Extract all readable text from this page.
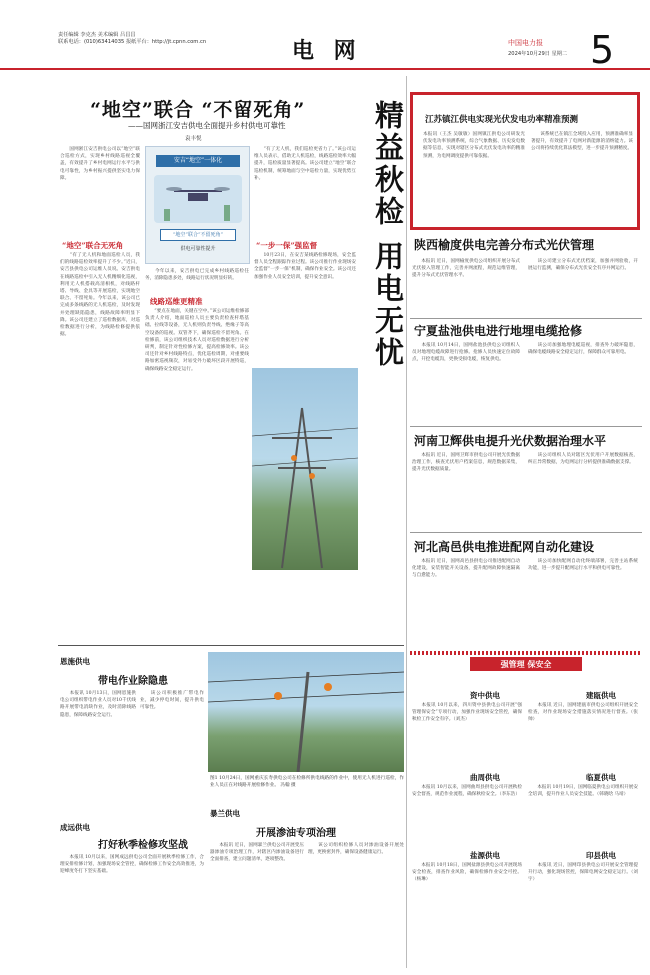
责任编辑 李克杰 美术编辑 吕昌昌
联系电话：(010)63414035 报纸平台：http://jt.cpnn.com.cn	电 网	中国电力报
2024年10月29日 星期二 5
“地空”联合 “不留死角”
——国网浙江安吉供电全面提升乡村供电可靠性
袁丰悦
　　国网浙江安吉供电公司以“地空”联合巡检方式，实现乡村线路巡视全覆盖，有效提升了乡村电网运行水平与供电可靠性，为乡村振兴提供坚实电力保障。
“地空”联合无死角
　　“有了无人机和地面巡检人员，我们的线路巡检效率提升了不少。”近日，安吉县供电公司运维人员说。安吉供电在线路巡检中引入无人机精细化巡视，利用无人机搭载高清相机，对线路杆塔、导线、金具等开展巡检，实现地空联合、不留死角。今年以来，该公司已完成多条线路的无人机巡检，及时发现并处理缺陷隐患，线路故障率明显下降。该公司还建立了巡检数据库，对巡检数据进行分析，为线路检修提供依据。
安吉“地空”一体化
“地空”联合“不留死角”
供电可靠性提升
线路巡维更精准
　　今年以来，安吉供电已完成乡村线路巡检任务，消除隐患多处，线路运行状况明显好转。
　　“要点在地面，关键在空中。”该公司运维检修部负责人介绍，地面巡检人员主要负责检查杆塔基础、拉线等设备，无人机则负责导线、绝缘子等高空设备的巡视。双管齐下，确保巡检不留死角。在检修前，该公司组织技术人员对巡检数据进行分析研判，制定针对性检修方案，提高检修效率。该公司还针对乡村线路特点，优化巡检周期，对重要线路加密巡视频次，对易受外力破坏区段开展特巡，确保线路安全稳定运行。
　　“有了无人机，我们巡检更省力了。”该公司运维人员表示，借助无人机巡检，线路巡检效率大幅提升，巡检质量显著提高。该公司建立“地空”联合巡检机制，统筹地面与空中巡检力量，实现优势互补。
“一步一保”强监督
　　10月23日，在安吉某线路检修现场，安全监督人员全程跟踪作业过程。该公司推行作业现场安全监督“一步一保”机制，确保作业安全。该公司还加强作业人员安全培训，提升安全意识。	精益秋检 用电无忧	江苏镇江供电实现光伏发电功率精准预测
本报讯（王杰 吴敏敏）国网镇江供电公司研发光伏发电功率预测系统，综合气象数据、历史发电数据等信息，实现对辖区分布式光伏发电功率的精准预测，为电网调度提供可靠依据。
　　该系统已在镇江全域投入应用，预测准确率显著提升，有效提升了电网对新能源的消纳能力。该公司将持续优化算法模型，进一步提升预测精度。
陕西榆度供电完善分布式光伏管理
　　本报讯 近日，国网榆度供电公司组织开展分布式光伏接入管理工作，完善并网流程，规范运维管理，提升分布式光伏管理水平。
　　该公司建立分布式光伏档案，加强并网验收，开展运行监测，确保分布式光伏安全有序并网运行。
宁夏盐池供电进行地埋电缆抢修
　　本报讯 10月14日，国网盐池县供电公司组织人员对地埋电缆故障进行抢修。抢修人员快速定位故障点，开挖电缆沟，更换受损电缆，恢复供电。
　　该公司加强地埋电缆巡视，排查外力破坏隐患，确保电缆线路安全稳定运行，保障群众可靠用电。
河南卫辉供电提升光伏数据治理水平
　　本报讯 近日，国网卫辉市供电公司开展光伏数据治理工作，核查光伏用户档案信息，规范数据采集，提升光伏数据质量。
　　该公司组织人员对辖区光伏用户开展数据核查，纠正异常数据，为电网运行分析提供准确数据支撑。
河北高邑供电推进配网自动化建设
　　本报讯 近日，国网高邑县供电公司推进配网自动化建设，安装智能开关设备，提升配网故障快速隔离与自愈能力。
　　该公司加快配网自动化终端部署，完善主站系统功能，进一步提升配网运行水平和供电可靠性。
强管理 保安全
资中供电
　　本报讯 10月以来，四川资中县供电公司开展“强管理保安全”专项行动，加强作业现场安全管控，确保秋检工作安全有序。（刘杰）
建瓯供电
　　本报讯 近日，国网建瓯市供电公司组织开展安全检查，对作业现场安全措施落实情况进行督查。（张帅）
曲周供电
　　本报讯 10月以来，国网曲周县供电公司开展秋检安全督查，规范作业流程，确保秋检安全。（李东浩）
临夏供电
　　本报讯 10月19日，国网临夏供电公司组织开展安全培训，提升作业人员安全技能。（韩晓晗 马靖）
盐源供电
　　本报讯 10月18日，国网盐源县供电公司开展现场安全检查，排查作业风险，确保检修作业安全可控。（杨琳）
印县供电
　　本报讯 近日，国网印县供电公司开展安全管理提升行动，强化现场管控，保障电网安全稳定运行。（刘宇）
恩施供电
带电作业除隐患
　　本报讯 10月13日，国网恩施供电公司组织带电作业人员对10千伏线路开展带电消缺作业，及时消除线路隐患，保障线路安全运行。
　　该公司积极推广带电作业，减少停电时间，提升供电可靠性。
成远供电
打好秋季检修攻坚战
　　本报讯 10月以来，国网成远供电公司全面开展秋季检修工作，合理安排检修计划，加强现场安全管控，确保检修工作安全高效推进，为迎峰度冬打下坚实基础。
图1 10月24日，国网重庆长寿供电公司在检修所供电线路的作业中，使用无人机进行巡检，作业人员正在对线路开展检修作业。 冯翰 摄
暴兰供电
开展渗油专项治理
　　本报讯 近日，国网暴兰供电公司开展变压器渗油专项治理工作，对辖区内渗油设备进行全面排查，建立问题清单，逐项整改。
　　该公司组织检修人员对渗油设备开展处理，更换密封件，确保设备健康运行。
